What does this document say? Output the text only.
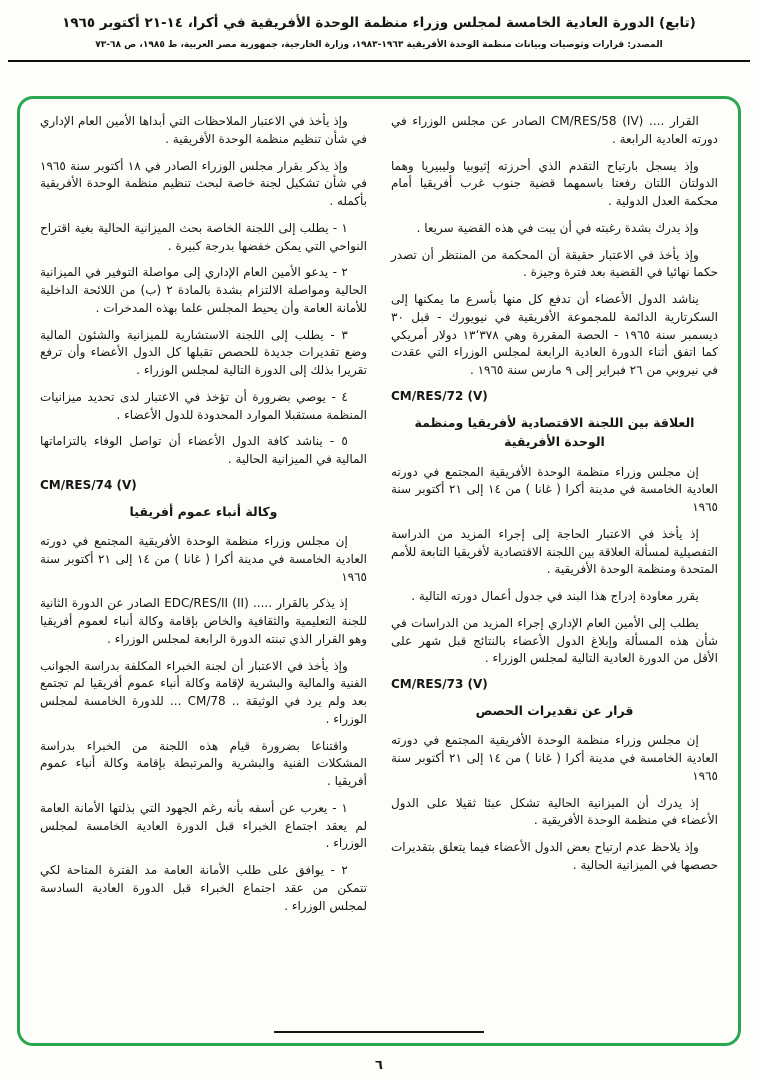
(تابع) الدورة العادية الخامسة لمجلس وزراء منظمة الوحدة الأفريقية في أكرا، ١٤-٢١ أكتوبر ١٩٦٥
المصدر: قرارات وتوصيات وبيانات منظمة الوحدة الأفريقية ١٩٦٣-١٩٨٣، وزارة الخارجية، جمهورية مصر العربية، ط ١٩٨٥، ص ٦٨-٧٣

القرار .... CM/RES/58 (IV) الصادر عن مجلس الوزراء في دورته العادية الرابعة .

وإذ يسجل بارتياح التقدم الذي أحرزته إثيوبيا وليبيريا وهما الدولتان اللتان رفعتا باسمهما قضية جنوب غرب أفريقيا أمام محكمة العدل الدولية .

وإذ يدرك بشدة رغبته في أن يبت في هذه القضية سريعا .

وإذ يأخذ في الاعتبار حقيقة أن المحكمة من المنتظر أن تصدر حكما نهائيا في القضية بعد فترة وجيزة .

يناشد الدول الأعضاء أن تدفع كل منها بأسرع ما يمكنها إلى السكرتارية الدائمة للمجموعة الأفريقية في نيويورك - قبل ٣٠ ديسمبر سنة ١٩٦٥ - الحصة المقررة وهي ١٣٬٣٧٨ دولار أمريكي كما اتفق أثناء الدورة العادية الرابعة لمجلس الوزراء التي عقدت في نيروبي من ٢٦ فبراير إلى ٩ مارس سنة ١٩٦٥ .

CM/RES/72 (V)
العلاقة بين اللجنة الاقتصادية لأفريقيا ومنظمة الوحدة الأفريقية

إن مجلس وزراء منظمة الوحدة الأفريقية المجتمع في دورته العادية الخامسة في مدينة أكرا ( غانا ) من ١٤ إلى ٢١ أكتوبر سنة ١٩٦٥

إذ يأخذ في الاعتبار الحاجة إلى إجراء المزيد من الدراسة التفصيلية لمسألة العلاقة بين اللجنة الاقتصادية لأفريقيا التابعة للأمم المتحدة ومنظمة الوحدة الأفريقية .

يقرر معاودة إدراج هذا البند في جدول أعمال دورته التالية .

يطلب إلى الأمين العام الإداري إجراء المزيد من الدراسات في شأن هذه المسألة وإبلاغ الدول الأعضاء بالنتائج قبل شهر على الأقل من الدورة العادية التالية لمجلس الوزراء .

CM/RES/73 (V)
قرار عن تقديرات الحصص

إن مجلس وزراء منظمة الوحدة الأفريقية المجتمع في دورته العادية الخامسة في مدينة أكرا ( غانا ) من ١٤ إلى ٢١ أكتوبر سنة ١٩٦٥

إذ يدرك أن الميزانية الحالية تشكل عبئا ثقيلا على الدول الأعضاء في منظمة الوحدة الأفريقية .

وإذ يلاحظ عدم ارتياح بعض الدول الأعضاء فيما يتعلق بتقديرات حصصها في الميزانية الحالية .

وإذ يأخذ في الاعتبار الملاحظات التي أبداها الأمين العام الإداري في شأن تنظيم منظمة الوحدة الأفريقية .

وإذ يذكر بقرار مجلس الوزراء الصادر في ١٨ أكتوبر سنة ١٩٦٥ في شأن تشكيل لجنة خاصة لبحث تنظيم منظمة الوحدة الأفريقية بأكمله .

١ - يطلب إلى اللجنة الخاصة بحث الميزانية الحالية بغية اقتراح النواحي التي يمكن خفضها بدرجة كبيرة .

٢ - يدعو الأمين العام الإداري إلى مواصلة التوفير في الميزانية الحالية ومواصلة الالتزام بشدة بالمادة ٢ (ب) من اللائحة الداخلية للأمانة العامة وأن يحيط المجلس علما بهذه المدخرات .

٣ - يطلب إلى اللجنة الاستشارية للميزانية والشئون المالية وضع تقديرات جديدة للحصص تقبلها كل الدول الأعضاء وأن ترفع تقريرا بذلك إلى الدورة التالية لمجلس الوزراء .

٤ - يوصي بضرورة أن تؤخذ في الاعتبار لدى تحديد ميزانيات المنظمة مستقبلا الموارد المحدودة للدول الأعضاء .

٥ - يناشد كافة الدول الأعضاء أن تواصل الوفاء بالتزاماتها المالية في الميزانية الحالية .

CM/RES/74 (V)
وكالة أنباء عموم أفريقيا

إن مجلس وزراء منظمة الوحدة الأفريقية المجتمع في دورته العادية الخامسة في مدينة أكرا ( غانا ) من ١٤ إلى ٢١ أكتوبر سنة ١٩٦٥

إذ يذكر بالقرار ..... EDC/RES/II (II) الصادر عن الدورة الثانية للجنة التعليمية والثقافية والخاص بإقامة وكالة أنباء لعموم أفريقيا وهو القرار الذي تبنته الدورة الرابعة لمجلس الوزراء .

وإذ يأخذ في الاعتبار أن لجنة الخبراء المكلفة بدراسة الجوانب الفنية والمالية والبشرية لإقامة وكالة أنباء عموم أفريقيا لم تجتمع بعد ولم يرد في الوثيقة .. CM/78 ... للدورة الخامسة لمجلس الوزراء .

واقتناعا بضرورة قيام هذه اللجنة من الخبراء بدراسة المشكلات الفنية والبشرية والمرتبطة بإقامة وكالة أنباء عموم أفريقيا .

١ - يعرب عن أسفه بأنه رغم الجهود التي بذلتها الأمانة العامة لم يعقد اجتماع الخبراء قبل الدورة العادية الخامسة لمجلس الوزراء .

٢ - يوافق على طلب الأمانة العامة مد الفترة المتاحة لكي تتمكن من عقد اجتماع الخبراء قبل الدورة العادية السادسة لمجلس الوزراء .

٦
